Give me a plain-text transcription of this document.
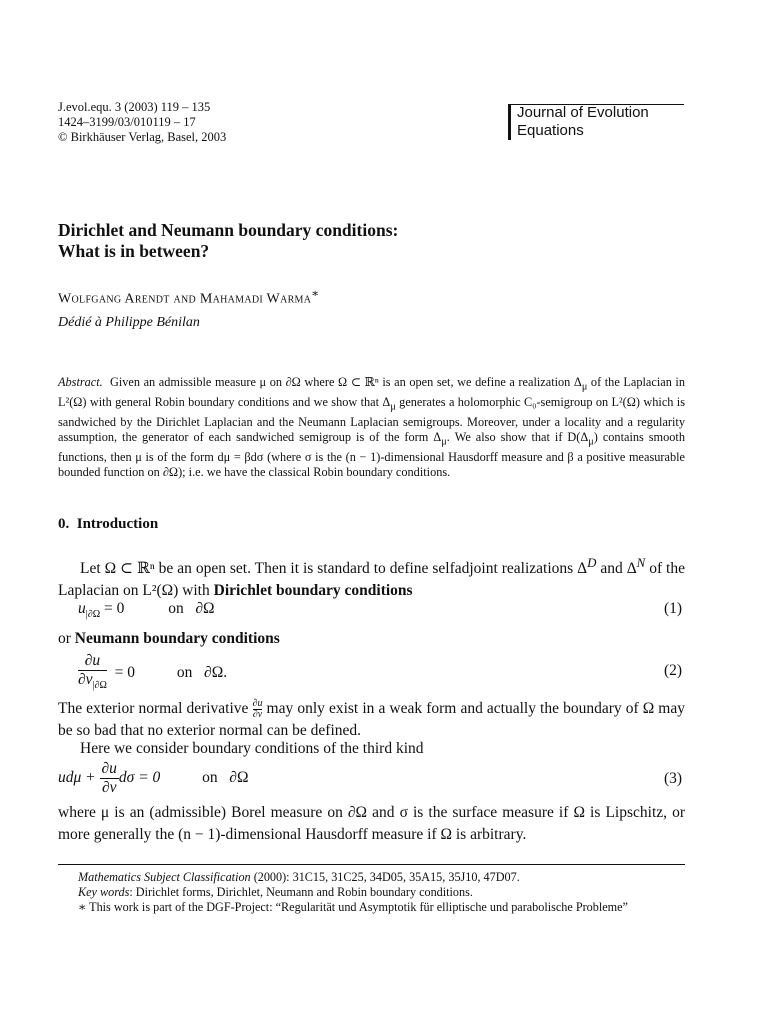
J.evol.equ. 3 (2003) 119 – 135
1424–3199/03/010119 – 17
© Birkhäuser Verlag, Basel, 2003
Journal of Evolution
Equations
Dirichlet and Neumann boundary conditions:
What is in between?
Wolfgang Arendt and Mahamadi Warma∗
Dédié à Philippe Bénilan
Abstract. Given an admissible measure μ on ∂Ω where Ω ⊂ ℝⁿ is an open set, we define a realization $\Delta_\mu$ of the Laplacian in L²(Ω) with general Robin boundary conditions and we show that $\Delta_\mu$ generates a holomorphic C₀-semigroup on L²(Ω) which is sandwiched by the Dirichlet Laplacian and the Neumann Laplacian semigroups. Moreover, under a locality and a regularity assumption, the generator of each sandwiched semigroup is of the form $\Delta_\mu$. We also show that if $D(\Delta_\mu)$ contains smooth functions, then μ is of the form dμ = βdσ (where σ is the (n − 1)-dimensional Hausdorff measure and β a positive measurable bounded function on ∂Ω); i.e. we have the classical Robin boundary conditions.
0. Introduction
Let Ω ⊂ ℝⁿ be an open set. Then it is standard to define selfadjoint realizations $\Delta^D$ and $\Delta^N$ of the Laplacian on L²(Ω) with Dirichlet boundary conditions
$u_{|\partial\Omega} = 0$	on ∂Ω	(1)
or Neumann boundary conditions
$\frac{\partial u}{\partial\nu_{|\partial\Omega}} = 0$	on ∂Ω.	(2)
The exterior normal derivative $\frac{\partial u}{\partial\nu}$ may only exist in a weak form and actually the boundary of Ω may be so bad that no exterior normal can be defined.
Here we consider boundary conditions of the third kind
$ud\mu + \frac{\partial u}{\partial\nu}$ dσ = 0	on ∂Ω	(3)
where μ is an (admissible) Borel measure on ∂Ω and σ is the surface measure if Ω is Lipschitz, or more generally the (n − 1)-dimensional Hausdorff measure if Ω is arbitrary.
Mathematics Subject Classification (2000): 31C15, 31C25, 34D05, 35A15, 35J10, 47D07.
Key words: Dirichlet forms, Dirichlet, Neumann and Robin boundary conditions.
∗ This work is part of the DGF-Project: “Regularität und Asymptotik für elliptische und parabolische Probleme”
